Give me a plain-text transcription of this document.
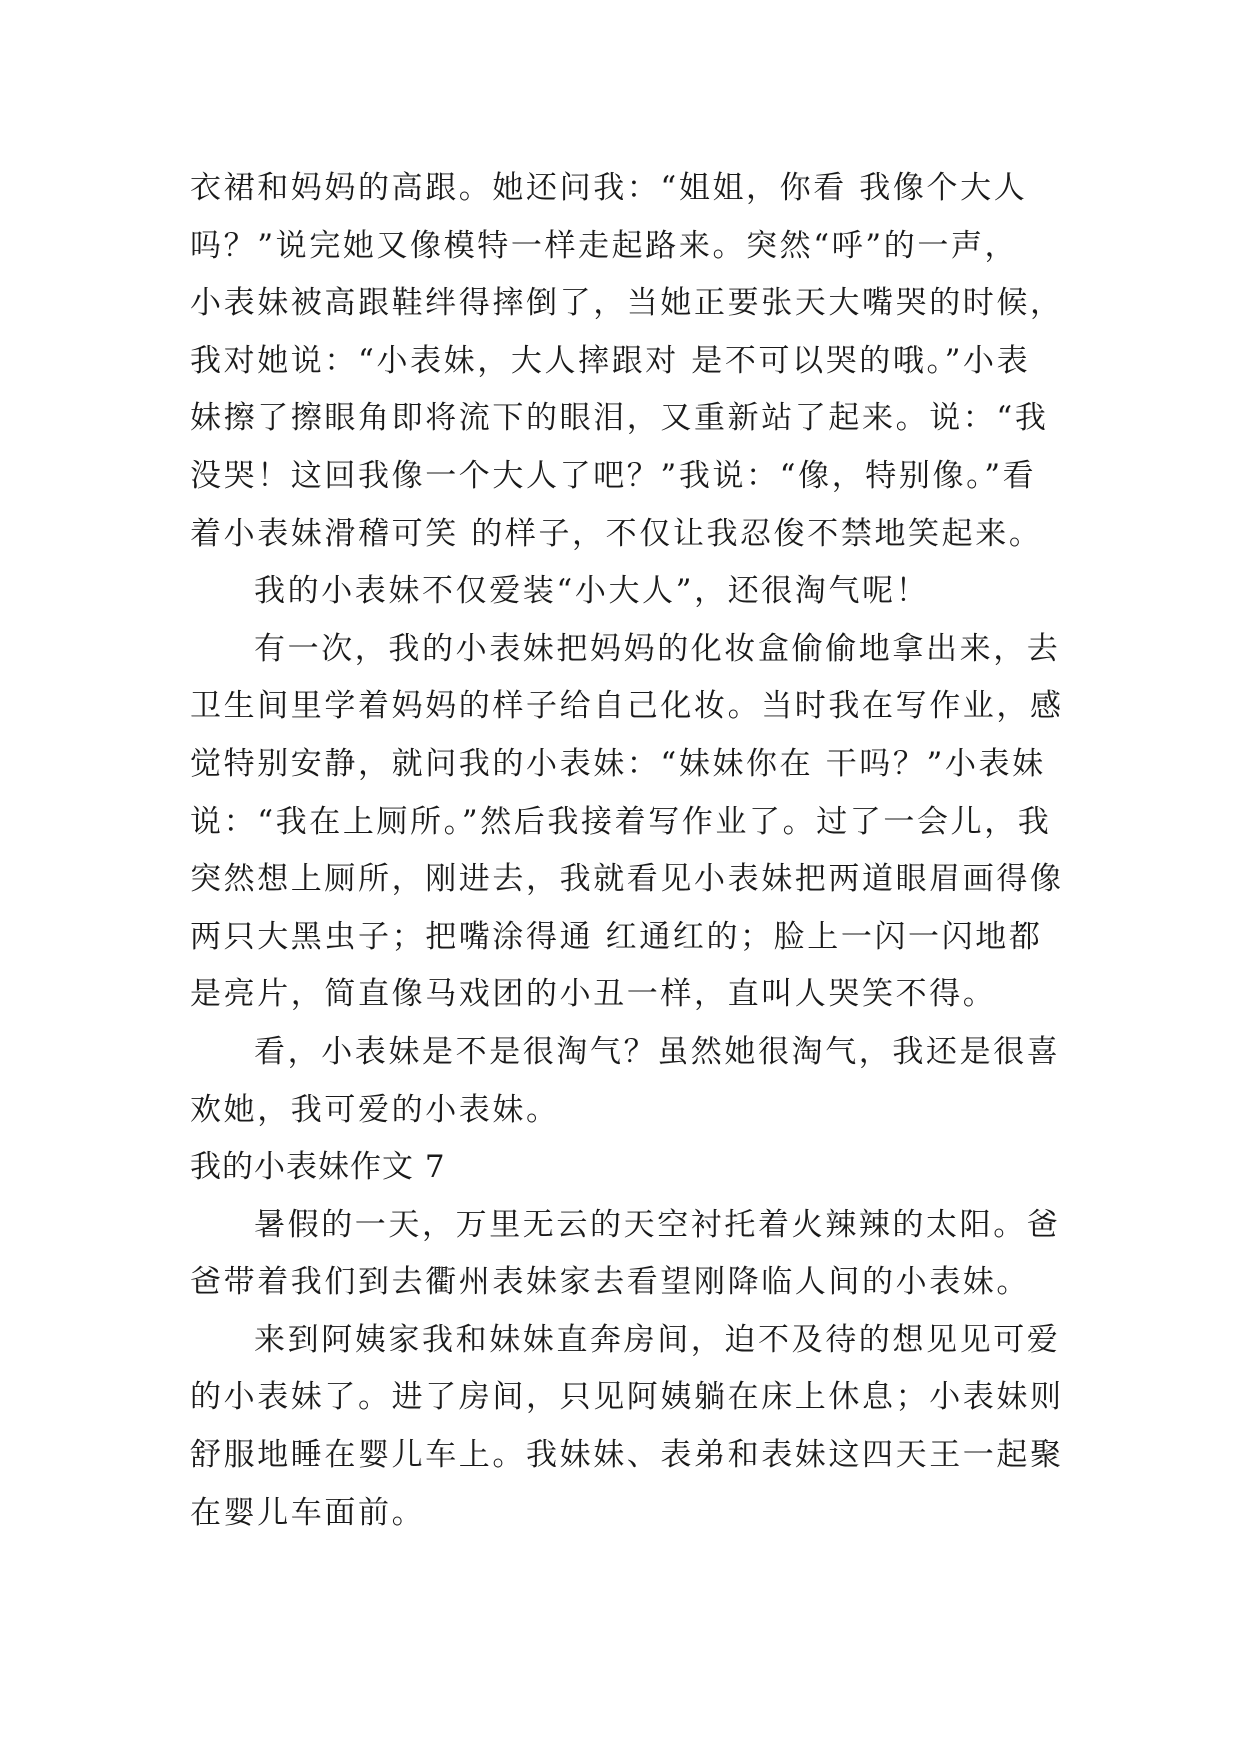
衣裙和妈妈的高跟。她还问我：“姐姐，你看 我像个大人
吗？”说完她又像模特一样走起路来。突然“呼”的一声，
小表妹被高跟鞋绊得摔倒了，当她正要张天大嘴哭的时候，
我对她说：“小表妹，大人摔跟对 是不可以哭的哦。”小表
妹擦了擦眼角即将流下的眼泪，又重新站了起来。说：“我
没哭！这回我像一个大人了吧？”我说：“像，特别像。”看
着小表妹滑稽可笑 的样子，不仅让我忍俊不禁地笑起来。
我的小表妹不仅爱装“小大人”，还很淘气呢！
有一次，我的小表妹把妈妈的化妆盒偷偷地拿出来，去
卫生间里学着妈妈的样子给自己化妆。当时我在写作业，感
觉特别安静，就问我的小表妹：“妹妹你在 干吗？”小表妹
说：“我在上厕所。”然后我接着写作业了。过了一会儿，我
突然想上厕所，刚进去，我就看见小表妹把两道眼眉画得像
两只大黑虫子；把嘴涂得通 红通红的；脸上一闪一闪地都
是亮片，简直像马戏团的小丑一样，直叫人哭笑不得。
看，小表妹是不是很淘气？虽然她很淘气，我还是很喜
欢她，我可爱的小表妹。
我的小表妹作文 7
暑假的一天，万里无云的天空衬托着火辣辣的太阳。爸
爸带着我们到去衢州表妹家去看望刚降临人间的小表妹。
来到阿姨家我和妹妹直奔房间，迫不及待的想见见可爱
的小表妹了。进了房间，只见阿姨躺在床上休息；小表妹则
舒服地睡在婴儿车上。我妹妹、表弟和表妹这四天王一起聚
在婴儿车面前。
